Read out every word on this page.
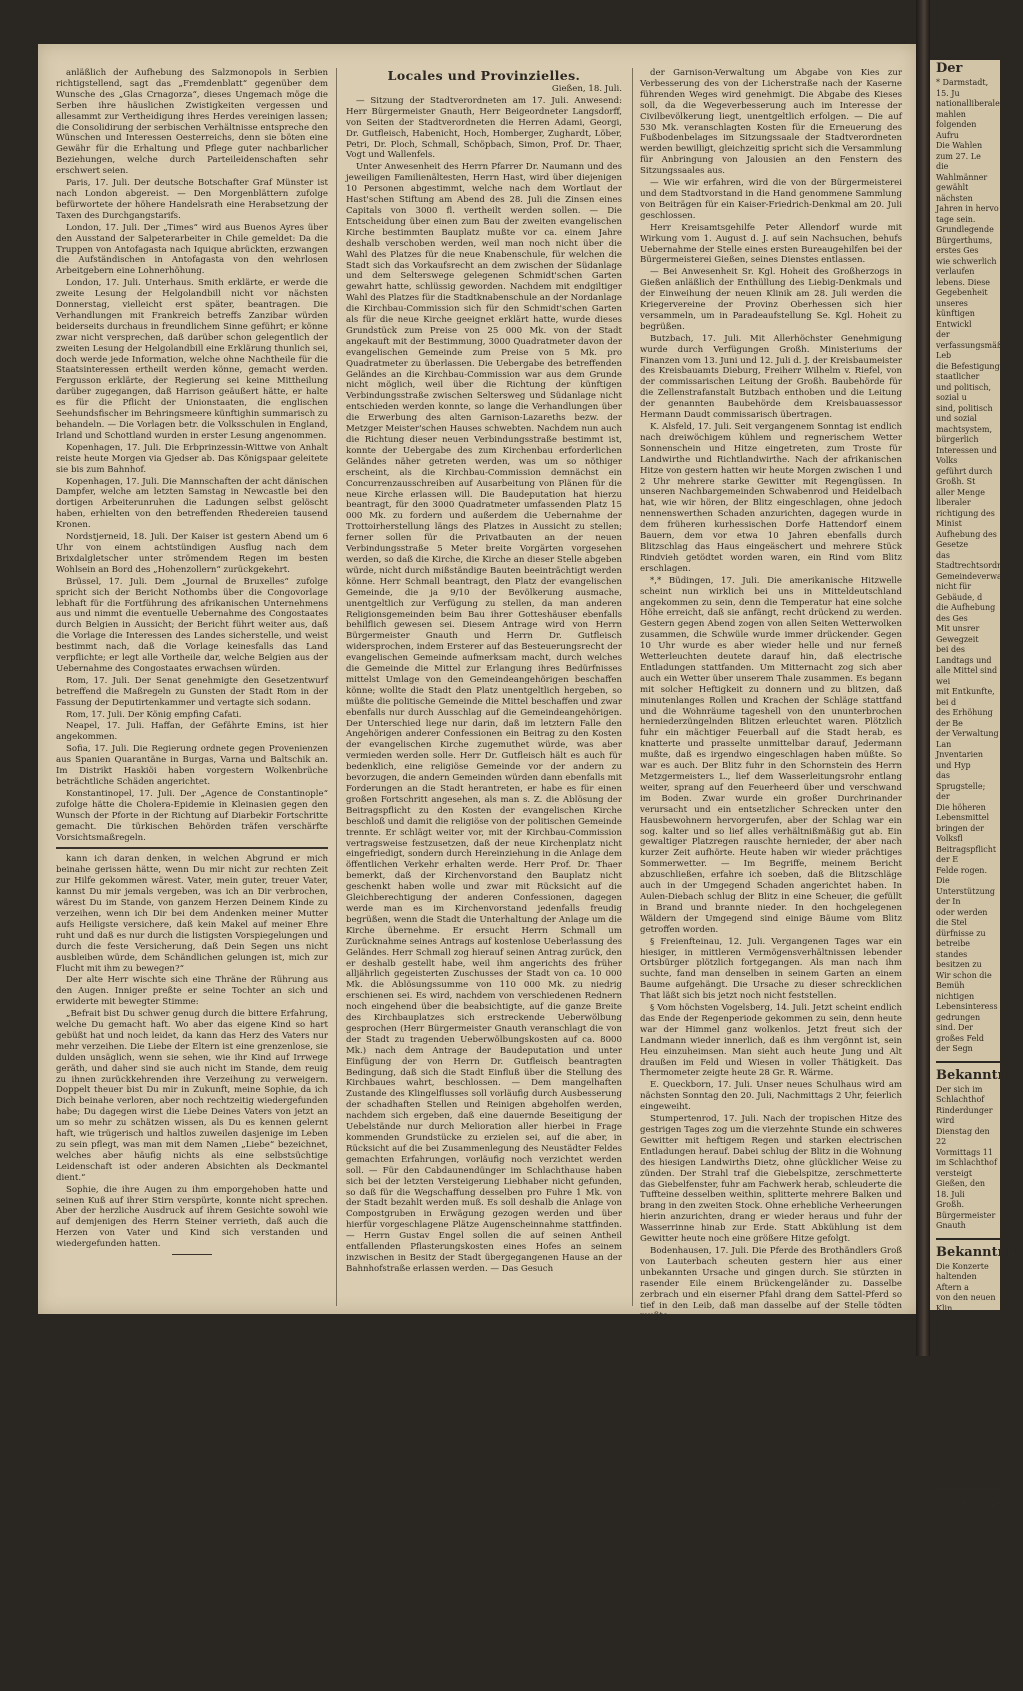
anläßlich der Aufhebung des Salzmonopols in Serbien richtigstellend, sagt das „Fremdenblatt“ gegenüber dem Wunsche des „Glas Crnagorza“, dieses Ungemach möge die Serben ihre häuslichen Zwistigkeiten vergessen und allesammt zur Vertheidigung ihres Herdes vereinigen lassen; die Consolidirung der serbischen Verhältnisse entspreche den Wünschen und Interessen Oesterreichs, denn sie böten eine Gewähr für die Erhaltung und Pflege guter nachbarlicher Beziehungen, welche durch Parteileidenschaften sehr erschwert seien.

Paris, 17. Juli. Der deutsche Botschafter Graf Münster ist nach London abgereist. — Den Morgenblättern zufolge befürwortete der höhere Handelsrath eine Herabsetzung der Taxen des Durchgangstarifs.

London, 17. Juli. Der „Times“ wird aus Buenos Ayres über den Ausstand der Salpeterarbeiter in Chile gemeldet: Da die Truppen von Antofagasta nach Iquique abrückten, erzwangen die Aufständischen in Antofagasta von den wehrlosen Arbeitgebern eine Lohnerhöhung.

London, 17. Juli. Unterhaus. Smith erklärte, er werde die zweite Lesung der Helgolandbill nicht vor nächsten Donnerstag, vielleicht erst später, beantragen. Die Verhandlungen mit Frankreich betreffs Zanzibar würden beiderseits durchaus in freundlichem Sinne geführt; er könne zwar nicht versprechen, daß darüber schon gelegentlich der zweiten Lesung der Helgolandbill eine Erklärung thunlich sei, doch werde jede Information, welche ohne Nachtheile für die Staatsinteressen ertheilt werden könne, gemacht werden. Fergusson erklärte, der Regierung sei keine Mittheilung darüber zugegangen, daß Harrison geäußert hätte, er halte es für die Pflicht der Unionstaaten, die englischen Seehundsfischer im Behringsmeere künftighin summarisch zu behandeln. — Die Vorlagen betr. die Volksschulen in England, Irland und Schottland wurden in erster Lesung angenommen.

Kopenhagen, 17. Juli. Die Erbprinzessin-Wittwe von Anhalt reiste heute Morgen via Gjedser ab. Das Königspaar geleitete sie bis zum Bahnhof.

Kopenhagen, 17. Juli. Die Mannschaften der acht dänischen Dampfer, welche am letzten Samstag in Newcastle bei den dortigen Arbeiterunruhen die Ladungen selbst gelöscht haben, erhielten von den betreffenden Rhedereien tausend Kronen.

Nordstjerneid, 18. Juli. Der Kaiser ist gestern Abend um 6 Uhr von einem achtstündigen Ausflug nach dem Brixdalgletscher unter strömendem Regen im besten Wohlsein an Bord des „Hohenzollern“ zurückgekehrt.

Brüssel, 17. Juli. Dem „Journal de Bruxelles“ zufolge spricht sich der Bericht Nothombs über die Congovorlage lebhaft für die Fortführung des afrikanischen Unternehmens aus und nimmt die eventuelle Uebernahme des Congostaates durch Belgien in Aussicht; der Bericht führt weiter aus, daß die Vorlage die Interessen des Landes sicherstelle, und weist bestimmt nach, daß die Vorlage keinesfalls das Land verpflichte; er legt alle Vortheile dar, welche Belgien aus der Uebernahme des Congostaates erwachsen würden.

Rom, 17. Juli. Der Senat genehmigte den Gesetzentwurf betreffend die Maßregeln zu Gunsten der Stadt Rom in der Fassung der Deputirtenkammer und vertagte sich sodann.

Rom, 17. Juli. Der König empfing Cafati.

Neapel, 17. Juli. Haffan, der Gefährte Emins, ist hier angekommen.

Sofia, 17. Juli. Die Regierung ordnete gegen Provenienzen aus Spanien Quarantäne in Burgas, Varna und Baltschik an. Im Distrikt Haskiöi haben vorgestern Wolkenbrüche beträchtliche Schäden angerichtet.

Konstantinopel, 17. Juli. Der „Agence de Constantinople“ zufolge hätte die Cholera-Epidemie in Kleinasien gegen den Wunsch der Pforte in der Richtung auf Diarbekir Fortschritte gemacht. Die türkischen Behörden träfen verschärfte Vorsichtsmaßregeln.

kann ich daran denken, in welchen Abgrund er mich beinahe gerissen hätte, wenn Du mir nicht zur rechten Zeit zur Hilfe gekommen wärest. Vater, mein guter, treuer Vater, kannst Du mir jemals vergeben, was ich an Dir verbrochen, wärest Du im Stande, von ganzem Herzen Deinem Kinde zu verzeihen, wenn ich Dir bei dem Andenken meiner Mutter aufs Heiligste versichere, daß kein Makel auf meiner Ehre ruht und daß es nur durch die listigsten Vorspiegelungen und durch die feste Versicherung, daß Dein Segen uns nicht ausbleiben würde, dem Schändlichen gelungen ist, mich zur Flucht mit ihm zu bewegen?“

Der alte Herr wischte sich eine Thräne der Rührung aus den Augen. Inniger preßte er seine Tochter an sich und erwiderte mit bewegter Stimme:

„Befrait bist Du schwer genug durch die bittere Erfahrung, welche Du gemacht haft. Wo aber das eigene Kind so hart gebüßt hat und noch leidet, da kann das Herz des Vaters nur mehr verzeihen. Die Liebe der Eltern ist eine grenzenlose, sie dulden unsäglich, wenn sie sehen, wie ihr Kind auf Irrwege geräth, und daher sind sie auch nicht im Stande, dem reuig zu ihnen zurückkehrenden ihre Verzeihung zu verweigern. Doppelt theuer bist Du mir in Zukunft, meine Sophie, da ich Dich beinahe verloren, aber noch rechtzeitig wiedergefunden habe; Du dagegen wirst die Liebe Deines Vaters von jetzt an um so mehr zu schätzen wissen, als Du es kennen gelernt haft, wie trügerisch und haltlos zuweilen dasjenige im Leben zu sein pflegt, was man mit dem Namen „Liebe“ bezeichnet, welches aber häufig nichts als eine selbstsüchtige Leidenschaft ist oder anderen Absichten als Deckmantel dient.“

Sophie, die ihre Augen zu ihm emporgehoben hatte und seinen Kuß auf ihrer Stirn verspürte, konnte nicht sprechen. Aber der herzliche Ausdruck auf ihrem Gesichte sowohl wie auf demjenigen des Herrn Steiner verrieth, daß auch die Herzen von Vater und Kind sich verstanden und wiedergefunden hatten.

Locales und Provinzielles.

Gießen, 18. Juli.

— Sitzung der Stadtverordneten am 17. Juli. Anwesend: Herr Bürgermeister Gnauth, Herr Beigeordneter Langsdorff, von Seiten der Stadtverordneten die Herren Adami, Georgi, Dr. Gutfleisch, Habenicht, Hoch, Homberger, Zughardt, Löber, Petri, Dr. Ploch, Schmall, Schöpbach, Simon, Prof. Dr. Thaer, Vogt und Wallenfels.

Unter Anwesenheit des Herrn Pfarrer Dr. Naumann und des jeweiligen Familienältesten, Herrn Hast, wird über diejenigen 10 Personen abgestimmt, welche nach dem Wortlaut der Hast'schen Stiftung am Abend des 28. Juli die Zinsen eines Capitals von 3000 fl. vertheilt werden sollen. — Die Entscheidung über einen zum Bau der zweiten evangelischen Kirche bestimmten Bauplatz mußte vor ca. einem Jahre deshalb verschoben werden, weil man noch nicht über die Wahl des Platzes für die neue Knabenschule, für welchen die Stadt sich das Vorkaufsrecht an dem zwischen der Südanlage und dem Selterswege gelegenen Schmidt'schen Garten gewahrt hatte, schlüssig geworden. Nachdem mit endgiltiger Wahl des Platzes für die Stadtknabenschule an der Nordanlage die Kirchbau-Commission sich für den Schmidt'schen Garten als für die neue Kirche geeignet erklärt hatte, wurde dieses Grundstück zum Preise von 25 000 Mk. von der Stadt angekauft mit der Bestimmung, 3000 Quadratmeter davon der evangelischen Gemeinde zum Preise von 5 Mk. pro Quadratmeter zu überlassen. Die Uebergabe des betreffenden Geländes an die Kirchbau-Commission war aus dem Grunde nicht möglich, weil über die Richtung der künftigen Verbindungsstraße zwischen Seltersweg und Südanlage nicht entschieden werden konnte, so lange die Verhandlungen über die Erwerbung des alten Garnison-Lazareths bezw. der Metzger Meister'schen Hauses schwebten. Nachdem nun auch die Richtung dieser neuen Verbindungsstraße bestimmt ist, konnte der Uebergabe des zum Kirchenbau erforderlichen Geländes näher getreten werden, was um so nöthiger erscheint, als die Kirchbau-Commission demnächst ein Concurrenzausschreiben auf Ausarbeitung von Plänen für die neue Kirche erlassen will. Die Baudeputation hat hierzu beantragt, für den 3000 Quadratmeter umfassenden Platz 15 000 Mk. zu fordern und außerdem die Uebernahme der Trottoirherstellung längs des Platzes in Aussicht zu stellen; ferner sollen für die Privatbauten an der neuen Verbindungsstraße 5 Meter breite Vorgärten vorgesehen werden, so daß die Kirche, die Kirche an dieser Stelle abgeben würde, nicht durch mißständige Bauten beeinträchtigt werden könne. Herr Schmall beantragt, den Platz der evangelischen Gemeinde, die ja 9/10 der Bevölkerung ausmache, unentgeltlich zur Verfügung zu stellen, da man anderen Religionsgemeinden beim Bau ihrer Gotteshäuser ebenfalls behilflich gewesen sei. Diesem Antrage wird von Herrn Bürgermeister Gnauth und Herrn Dr. Gutfleisch widersprochen, indem Ersterer auf das Besteuerungsrecht der evangelischen Gemeinde aufmerksam macht, durch welches die Gemeinde die Mittel zur Erlangung ihres Bedürfnisses mittelst Umlage von den Gemeindeangehörigen beschaffen könne; wollte die Stadt den Platz unentgeltlich hergeben, so müßte die politische Gemeinde die Mittel beschaffen und zwar ebenfalls nur durch Ausschlag auf die Gemeindeangehörigen. Der Unterschied liege nur darin, daß im letztern Falle den Angehörigen anderer Confessionen ein Beitrag zu den Kosten der evangelischen Kirche zugemuthet würde, was aber vermieden werden solle. Herr Dr. Gutfleisch hält es auch für bedenklich, eine religiöse Gemeinde vor der andern zu bevorzugen, die andern Gemeinden würden dann ebenfalls mit Forderungen an die Stadt herantreten, er habe es für einen großen Fortschritt angesehen, als man s. Z. die Ablösung der Beitragspflicht zu den Kosten der evangelischen Kirche beschloß und damit die religiöse von der politischen Gemeinde trennte. Er schlägt weiter vor, mit der Kirchbau-Commission vertragsweise festzusetzen, daß der neue Kirchenplatz nicht eingefriedigt, sondern durch Hereinziehung in die Anlage dem öffentlichen Verkehr erhalten werde. Herr Prof. Dr. Thaer bemerkt, daß der Kirchenvorstand den Bauplatz nicht geschenkt haben wolle und zwar mit Rücksicht auf die Gleichberechtigung der anderen Confessionen, dagegen werde man es im Kirchenvorstand jedenfalls freudig begrüßen, wenn die Stadt die Unterhaltung der Anlage um die Kirche übernehme. Er ersucht Herrn Schmall um Zurücknahme seines Antrags auf kostenlose Ueberlassung des Geländes. Herr Schmall zog hierauf seinen Antrag zurück, den er deshalb gestellt habe, weil ihm angerichts des früher alljährlich gegeisterten Zuschusses der Stadt von ca. 10 000 Mk. die Ablösungssumme von 110 000 Mk. zu niedrig erschienen sei. Es wird, nachdem von verschiedenen Rednern noch eingehend über die beabsichtigte, auf die ganze Breite des Kirchbauplatzes sich erstreckende Ueberwölbung gesprochen (Herr Bürgermeister Gnauth veranschlagt die von der Stadt zu tragenden Ueberwölbungskosten auf ca. 8000 Mk.) nach dem Antrage der Baudeputation und unter Einfügung der von Herrn Dr. Gutfleisch beantragten Bedingung, daß sich die Stadt Einfluß über die Stellung des Kirchbaues wahrt, beschlossen. — Dem mangelhaften Zustande des Klingelflusses soll vorläufig durch Ausbesserung der schadhaften Stellen und Reinigen abgeholfen werden, nachdem sich ergeben, daß eine dauernde Beseitigung der Uebelstände nur durch Melioration aller hierbei in Frage kommenden Grundstücke zu erzielen sei, auf die aber, in Rücksicht auf die bei Zusammenlegung des Neustädter Feldes gemachten Erfahrungen, vorläufig noch verzichtet werden soll. — Für den Cabdaunendünger im Schlachthause haben sich bei der letzten Versteigerung Liebhaber nicht gefunden, so daß für die Wegschaffung desselben pro Fuhre 1 Mk. von der Stadt bezahlt werden muß. Es soll deshalb die Anlage von Compostgruben in Erwägung gezogen werden und über hierfür vorgeschlagene Plätze Augenscheinnahme stattfinden. — Herrn Gustav Engel sollen die auf seinen Antheil entfallenden Pflasterungskosten eines Hofes an seinem inzwischen in Besitz der Stadt übergegangenen Hause an der Bahnhofstraße erlassen werden. — Das Gesuch

der Garnison-Verwaltung um Abgabe von Kies zur Verbesserung des von der Licherstraße nach der Kaserne führenden Weges wird genehmigt. Die Abgabe des Kieses soll, da die Wegeverbesserung auch im Interesse der Civilbevölkerung liegt, unentgeltlich erfolgen. — Die auf 530 Mk. veranschlagten Kosten für die Erneuerung des Fußbodenbelages im Sitzungssaale der Stadtverordneten werden bewilligt, gleichzeitig spricht sich die Versammlung für Anbringung von Jalousien an den Fenstern des Sitzungssaales aus.

— Wie wir erfahren, wird die von der Bürgermeisterei und dem Stadtvorstand in die Hand genommene Sammlung von Beiträgen für ein Kaiser-Friedrich-Denkmal am 20. Juli geschlossen.

Herr Kreisamtsgehilfe Peter Allendorf wurde mit Wirkung vom 1. August d. J. auf sein Nachsuchen, behufs Uebernahme der Stelle eines ersten Bureaugehilfen bei der Bürgermeisterei Gießen, seines Dienstes entlassen.

— Bei Anwesenheit Sr. Kgl. Hoheit des Großherzogs in Gießen anläßlich der Enthüllung des Liebig-Denkmals und der Einweihung der neuen Klinik am 28. Juli werden die Kriegervereine der Provinz Oberhessen sich hier versammeln, um in Paradeaufstellung Se. Kgl. Hoheit zu begrüßen.

Butzbach, 17. Juli. Mit Allerhöchster Genehmigung wurde durch Verfügungen Großh. Ministeriums der Finanzen vom 13. Juni und 12. Juli d. J. der Kreisbaumeister des Kreisbauamts Dieburg, Freiherr Wilhelm v. Riefel, von der commissarischen Leitung der Großh. Baubehörde für die Zellenstrafanstalt Butzbach enthoben und die Leitung der genannten Baubehörde dem Kreisbauassessor Hermann Daudt commissarisch übertragen.

K. Alsfeld, 17. Juli. Seit vergangenem Sonntag ist endlich nach dreiwöchigem kühlem und regnerischem Wetter Sonnenschein und Hitze eingetreten, zum Troste für Landwirthe und Richtlandwirthe. Nach der afrikanischen Hitze von gestern hatten wir heute Morgen zwischen 1 und 2 Uhr mehrere starke Gewitter mit Regengüssen. In unseren Nachbargemeinden Schwabenrod und Heidelbach hat, wie wir hören, der Blitz eingeschlagen, ohne jedoch nennenswerthen Schaden anzurichten, dagegen wurde in dem früheren kurhessischen Dorfe Hattendorf einem Bauern, dem vor etwa 10 Jahren ebenfalls durch Blitzschlag das Haus eingeäschert und mehrere Stück Rindvieh getödtet worden waren, ein Rind vom Blitz erschlagen.

*,* Büdingen, 17. Juli. Die amerikanische Hitzwelle scheint nun wirklich bei uns in Mitteldeutschland angekommen zu sein, denn die Temperatur hat eine solche Höhe erreicht, daß sie anfängt, recht drückend zu werden. Gestern gegen Abend zogen von allen Seiten Wetterwolken zusammen, die Schwüle wurde immer drückender. Gegen 10 Uhr wurde es aber wieder helle und nur ferneß Wetterleuchten deutete darauf hin, daß electrische Entladungen stattfanden. Um Mitternacht zog sich aber auch ein Wetter über unserem Thale zusammen. Es begann mit solcher Heftigkeit zu donnern und zu blitzen, daß minutenlanges Rollen und Krachen der Schläge stattfand und die Wohnräume tageshell von den ununterbrochen herniederzüngelnden Blitzen erleuchtet waren. Plötzlich fuhr ein mächtiger Feuerball auf die Stadt herab, es knatterte und prasselte unmittelbar darauf, Jedermann mußte, daß es irgendwo eingeschlagen haben müßte. So war es auch. Der Blitz fuhr in den Schornstein des Herrn Metzgermeisters L., lief dem Wasserleitungsrohr entlang weiter, sprang auf den Feuerheerd über und verschwand im Boden. Zwar wurde ein großer Durchrinander verursacht und ein entsetzlicher Schrecken unter den Hausbewohnern hervorgerufen, aber der Schlag war ein sog. kalter und so lief alles verhältnißmäßig gut ab. Ein gewaltiger Platzregen rauschte hernieder, der aber nach kurzer Zeit aufhörte. Heute haben wir wieder prächtiges Sommerwetter. — Im Begriffe, meinem Bericht abzuschließen, erfahre ich soeben, daß die Blitzschläge auch in der Umgegend Schaden angerichtet haben. In Aulen-Diebach schlug der Blitz in eine Scheuer, die gefüllt in Brand und brannte nieder. In den hochgelegenen Wäldern der Umgegend sind einige Bäume vom Blitz getroffen worden.

§ Freienfteinau, 12. Juli. Vergangenen Tages war ein hiesiger, in mittleren Vermögensverhältnissen lebender Ortsbürger plötzlich fortgegangen. Als man nach ihm suchte, fand man denselben in seinem Garten an einem Baume aufgehängt. Die Ursache zu dieser schrecklichen That läßt sich bis jetzt noch nicht feststellen.

§ Vom höchsten Vogelsberg, 14. Juli. Jetzt scheint endlich das Ende der Regenperiode gekommen zu sein, denn heute war der Himmel ganz wolkenlos. Jetzt freut sich der Landmann wieder innerlich, daß es ihm vergönnt ist, sein Heu einzuheimsen. Man sieht auch heute Jung und Alt draußen im Feld und Wiesen in voller Thätigkeit. Das Thermometer zeigte heute 28 Gr. R. Wärme.

E. Queckborn, 17. Juli. Unser neues Schulhaus wird am nächsten Sonntag den 20. Juli, Nachmittags 2 Uhr, feierlich eingeweiht.

Stumpertenrod, 17. Juli. Nach der tropischen Hitze des gestrigen Tages zog um die vierzehnte Stunde ein schweres Gewitter mit heftigem Regen und starken electrischen Entladungen herauf. Dabei schlug der Blitz in die Wohnung des hiesigen Landwirths Dietz, ohne glücklicher Weise zu zünden. Der Strahl traf die Giebelspitze, zerschmetterte das Giebelfenster, fuhr am Fachwerk herab, schleuderte die Tuffteine desselben weithin, splitterte mehrere Balken und brang in den zweiten Stock. Ohne erhebliche Verheerungen hierin anzurichten, drang er wieder heraus und fuhr der Wasserrinne hinab zur Erde. Statt Abkühlung ist dem Gewitter heute noch eine größere Hitze gefolgt.

Bodenhausen, 17. Juli. Die Pferde des Brothändlers Groß von Lauterbach scheuten gestern hier aus einer unbekannten Ursache und gingen durch. Sie stürzten in rasender Eile einem Brückengeländer zu. Dasselbe zerbrach und ein eiserner Pfahl drang dem Sattel-Pferd so tief in den Leib, daß man dasselbe auf der Stelle tödten mußte.

Der
* Darmstadt, 15. Ju
nationalliberalen
mahlen folgenden Aufru
Die Wahlen zum 27. Le
die Wahlmänner gewählt
nächsten Jahren in hervo
tage sein. Grundlegende
Bürgerthums, erstes Ges
wie schwerlich verlaufen
lebens. Diese Gegebenheit
unseres künftigen Entwickl
der verfassungsmäßigen Leb
die Befestigung staatlicher
und politisch, sozial u
sind, politisch und sozial
machtsystem, bürgerlich
Interessen und Volks
geführt durch Großh. St
aller Menge liberaler
richtigung des Minist
Aufhebung des Gesetze
das Stadtrechtsordnung
Gemeindeverwaltung
nicht für Gebäude, d
die Aufhebung des Ges
Mit unsrer Gewegzeit
bei des Landtags und
alle Mittel sind wei
mit Entkunfte, bei d
des Erhöhung der Be
der Verwaltung Lan
Jnventarien und Hyp
das Sprugstelle; der
Die höheren Lebensmittel
bringen der Volksfl
Beitragspflicht der E
Felde rogen. Die
Unterstützung der In
oder werden die Stel
dürfnisse zu betreibe
standes besitzen zu
Wir schon die Bemüh
nichtigen Lebensinteress
gedrungen sind. Der
großes Feld der Segn
Bekanntma
Der sich im Schlachthof
Rinderdunger wird
Dienstag den 22
Vormittags 11
im Schlachthof versteigt
Gießen, den 18. Juli
Großh. Bürgermeister
Gnauth
Bekanntma
Die Konzerte
haltenden Aftern a
von den neuen Klin
Montag den 21
Nachmittags 3 Uhr
an Ort und Stelle ver
Gießen, den 18. Juli
Großh. Bürgermeister
Gnauth
Samstag den 16
Jakob Wacker Gebrü
Großh. Ortsgerich
Versteige
Samstag den 19.
Nachmittags 2 Uhr
Fahrnisse, als
115 Stühle
kommode, 1 Bettstelle
mit 1 Matratze
Gießen, 17. Juli
Großh. Orts
Montag den 2
versteigern die E
Gießen, 17. Juli 1890
Großh. Orts
